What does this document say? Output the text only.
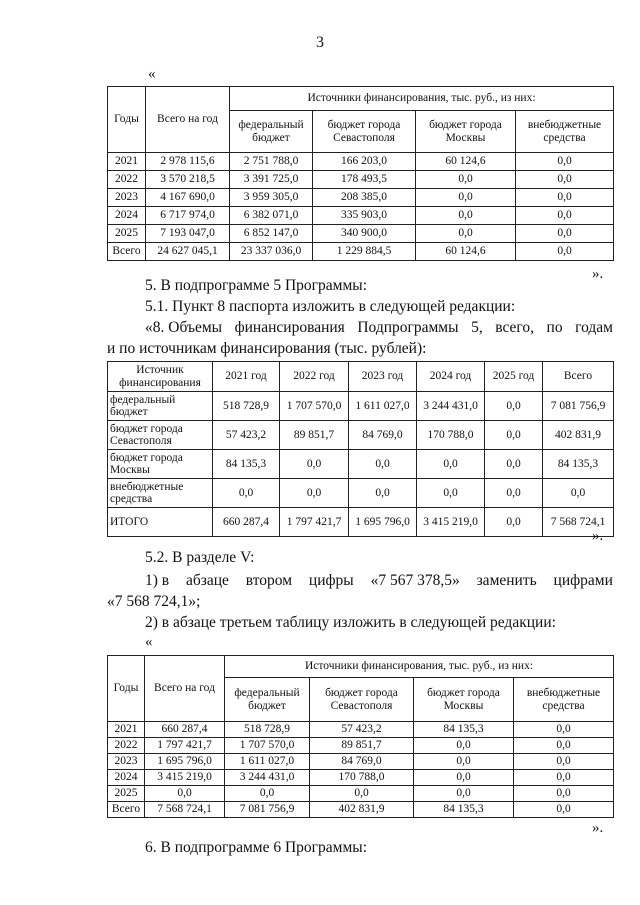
3
«
Годы	Всего на год	Источники финансирования, тыс. руб., из них:			
		федеральный бюджет	бюджет города Севастополя	бюджет города Москвы	внебюджетные средства
2021	2 978 115,6	2 751 788,0	166 203,0	60 124,6	0,0
2022	3 570 218,5	3 391 725,0	178 493,5	0,0	0,0
2023	4 167 690,0	3 959 305,0	208 385,0	0,0	0,0
2024	6 717 974,0	6 382 071,0	335 903,0	0,0	0,0
2025	7 193 047,0	6 852 147,0	340 900,0	0,0	0,0
Всего	24 627 045,1	23 337 036,0	1 229 884,5	60 124,6	0,0
».
5. В подпрограмме 5 Программы:
5.1. Пункт 8 паспорта изложить в следующей редакции:
«8. Объемы финансирования Подпрограммы 5, всего, по годам
и по источникам финансирования (тыс. рублей):
Источник финансирования	2021 год	2022 год	2023 год	2024 год	2025 год	Всего
федеральный бюджет	518 728,9	1 707 570,0	1 611 027,0	3 244 431,0	0,0	7 081 756,9
бюджет города Севастополя	57 423,2	89 851,7	84 769,0	170 788,0	0,0	402 831,9
бюджет города Москвы	84 135,3	0,0	0,0	0,0	0,0	84 135,3
внебюджетные средства	0,0	0,0	0,0	0,0	0,0	0,0
ИТОГО	660 287,4	1 797 421,7	1 695 796,0	3 415 219,0	0,0	7 568 724,1
».
5.2. В разделе V:
1) в абзаце втором цифры «7 567 378,5» заменить цифрами
«7 568 724,1»;
2) в абзаце третьем таблицу изложить в следующей редакции:
«
Годы	Всего на год	Источники финансирования, тыс. руб., из них:			
		федеральный бюджет	бюджет города Севастополя	бюджет города Москвы	внебюджетные средства
2021	660 287,4	518 728,9	57 423,2	84 135,3	0,0
2022	1 797 421,7	1 707 570,0	89 851,7	0,0	0,0
2023	1 695 796,0	1 611 027,0	84 769,0	0,0	0,0
2024	3 415 219,0	3 244 431,0	170 788,0	0,0	0,0
2025	0,0	0,0	0,0	0,0	0,0
Всего	7 568 724,1	7 081 756,9	402 831,9	84 135,3	0,0
».
6. В подпрограмме 6 Программы:
